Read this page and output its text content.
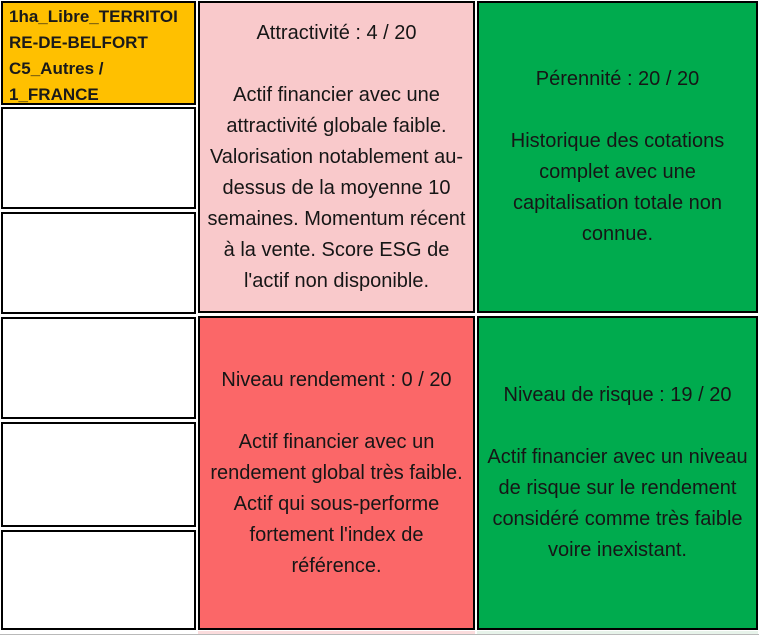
1ha_Libre_TERRITOIRE-DE-BELFORT
C5_Autres / 1_FRANCE

Attractivité : 4 / 20
Actif financier avec une attractivité globale faible. Valorisation notablement au-dessus de la moyenne 10 semaines. Momentum récent à la vente. Score ESG de l'actif non disponible.
Pérennité : 20 / 20
Historique des cotations complet avec une capitalisation totale non connue.
Niveau rendement : 0 / 20
Actif financier avec un rendement global très faible. Actif qui sous-performe fortement l'index de référence.
Niveau de risque : 19 / 20
Actif financier avec un niveau de risque sur le rendement considéré comme très faible voire inexistant.
